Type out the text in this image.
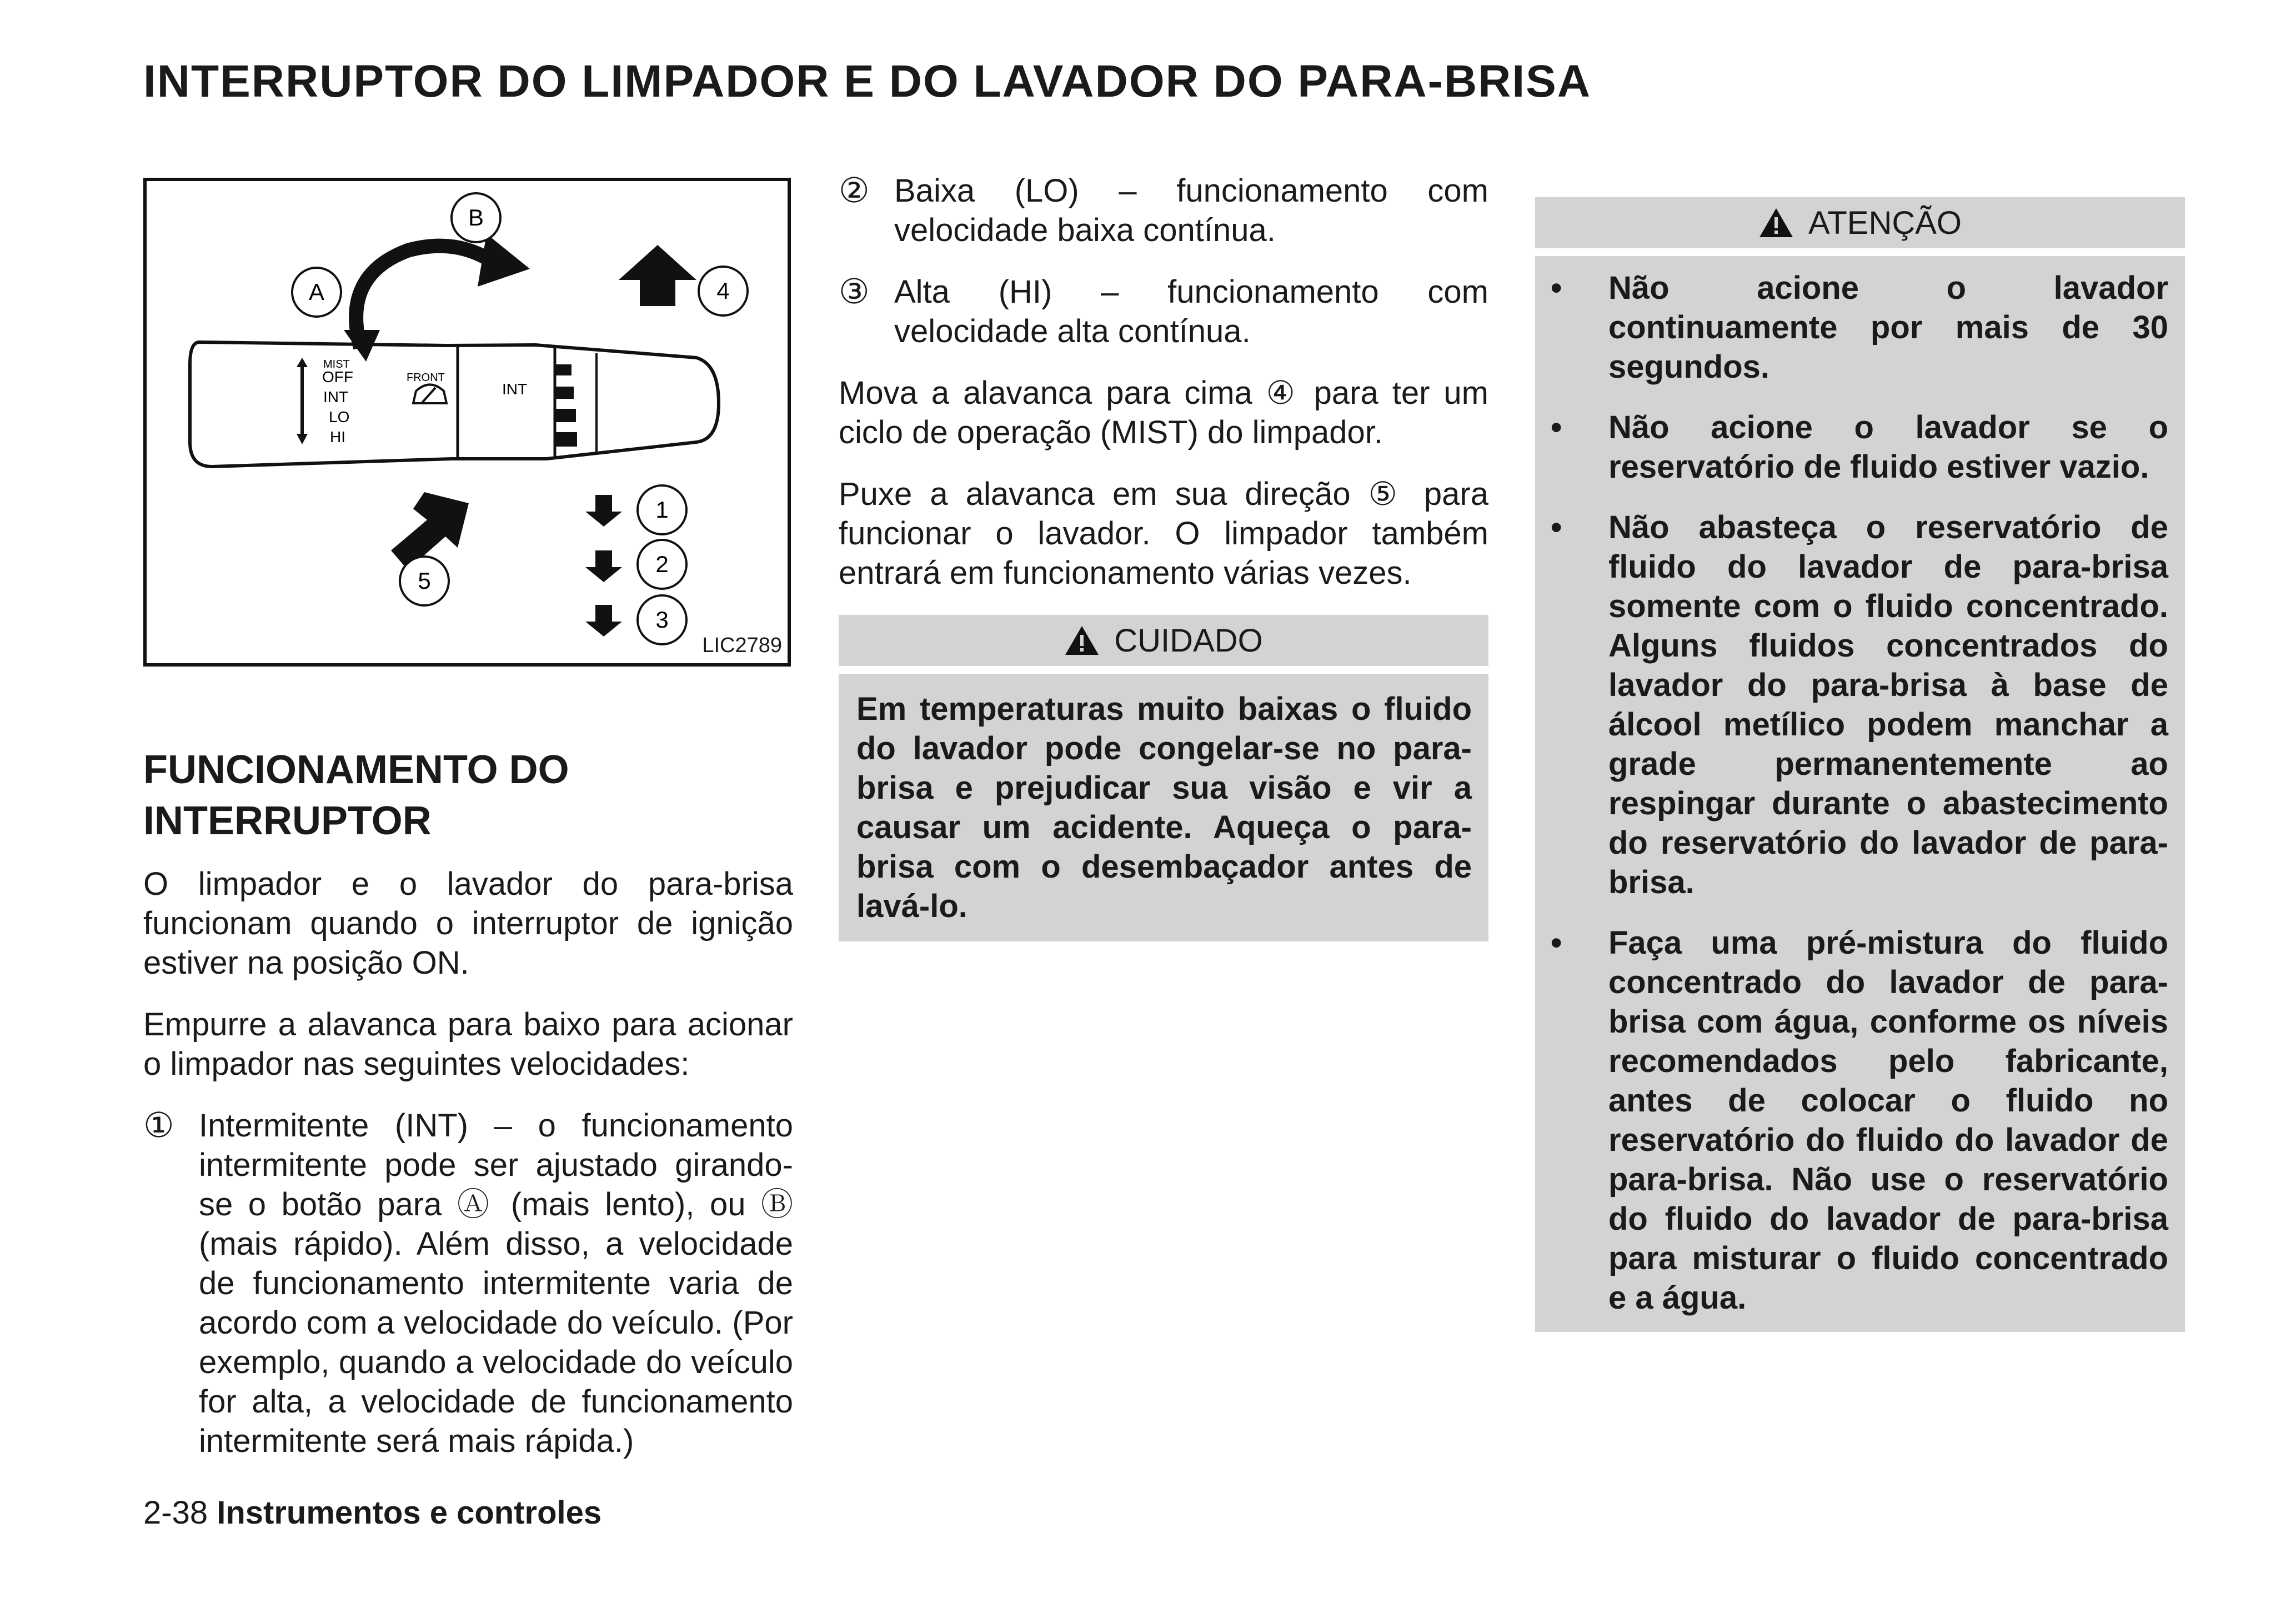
INTERRUPTOR DO LIMPADOR E DO LAVADOR DO PARA-BRISA
B
A	4
1
2
3
5
MIST
OFF
INT
LO
HI
FRONT
INT
LIC2789
FUNCIONAMENTO DO
INTERRUPTOR

O limpador e o lavador do para-brisa funcionam quando o interruptor de ignição estiver na posição ON.

Empurre a alavanca para baixo para acionar o limpador nas seguintes velocidades:

① Intermitente (INT) – o funcionamento intermitente pode ser ajustado girando-se o botão para Ⓐ (mais lento), ou Ⓑ (mais rápido). Além disso, a velocidade de funcionamento intermitente varia de acordo com a velocidade do veículo. (Por exemplo, quando a velocidade do veículo for alta, a velocidade de funcionamento intermitente será mais rápida.)
② Baixa (LO) – funcionamento com velocidade baixa contínua.
③ Alta (HI) – funcionamento com velocidade alta contínua.

Mova a alavanca para cima ④ para ter um ciclo de operação (MIST) do limpador.

Puxe a alavanca em sua direção ⑤ para funcionar o lavador. O limpador também entrará em funcionamento várias vezes.

CUIDADO
Em temperaturas muito baixas o fluido do lavador pode congelar-se no para-brisa e prejudicar sua visão e vir a causar um acidente. Aqueça o para-brisa com o desembaçador antes de lavá-lo.
ATENÇÃO
•	Não acione o lavador continuamente por mais de 30 segundos.
•	Não acione o lavador se o reservatório de fluido estiver vazio.
•	Não abasteça o reservatório de fluido do lavador de para-brisa somente com o fluido concentrado. Alguns fluidos concentrados do lavador do para-brisa à base de álcool metílico podem manchar a grade permanentemente ao respingar durante o abastecimento do reservatório do lavador de para-brisa.
•	Faça uma pré-mistura do fluido concentrado do lavador de para-brisa com água, conforme os níveis recomendados pelo fabricante, antes de colocar o fluido no reservatório do fluido do lavador de para-brisa. Não use o reservatório do fluido do lavador de para-brisa para misturar o fluido concentrado e a água.
2-38 Instrumentos e controles
